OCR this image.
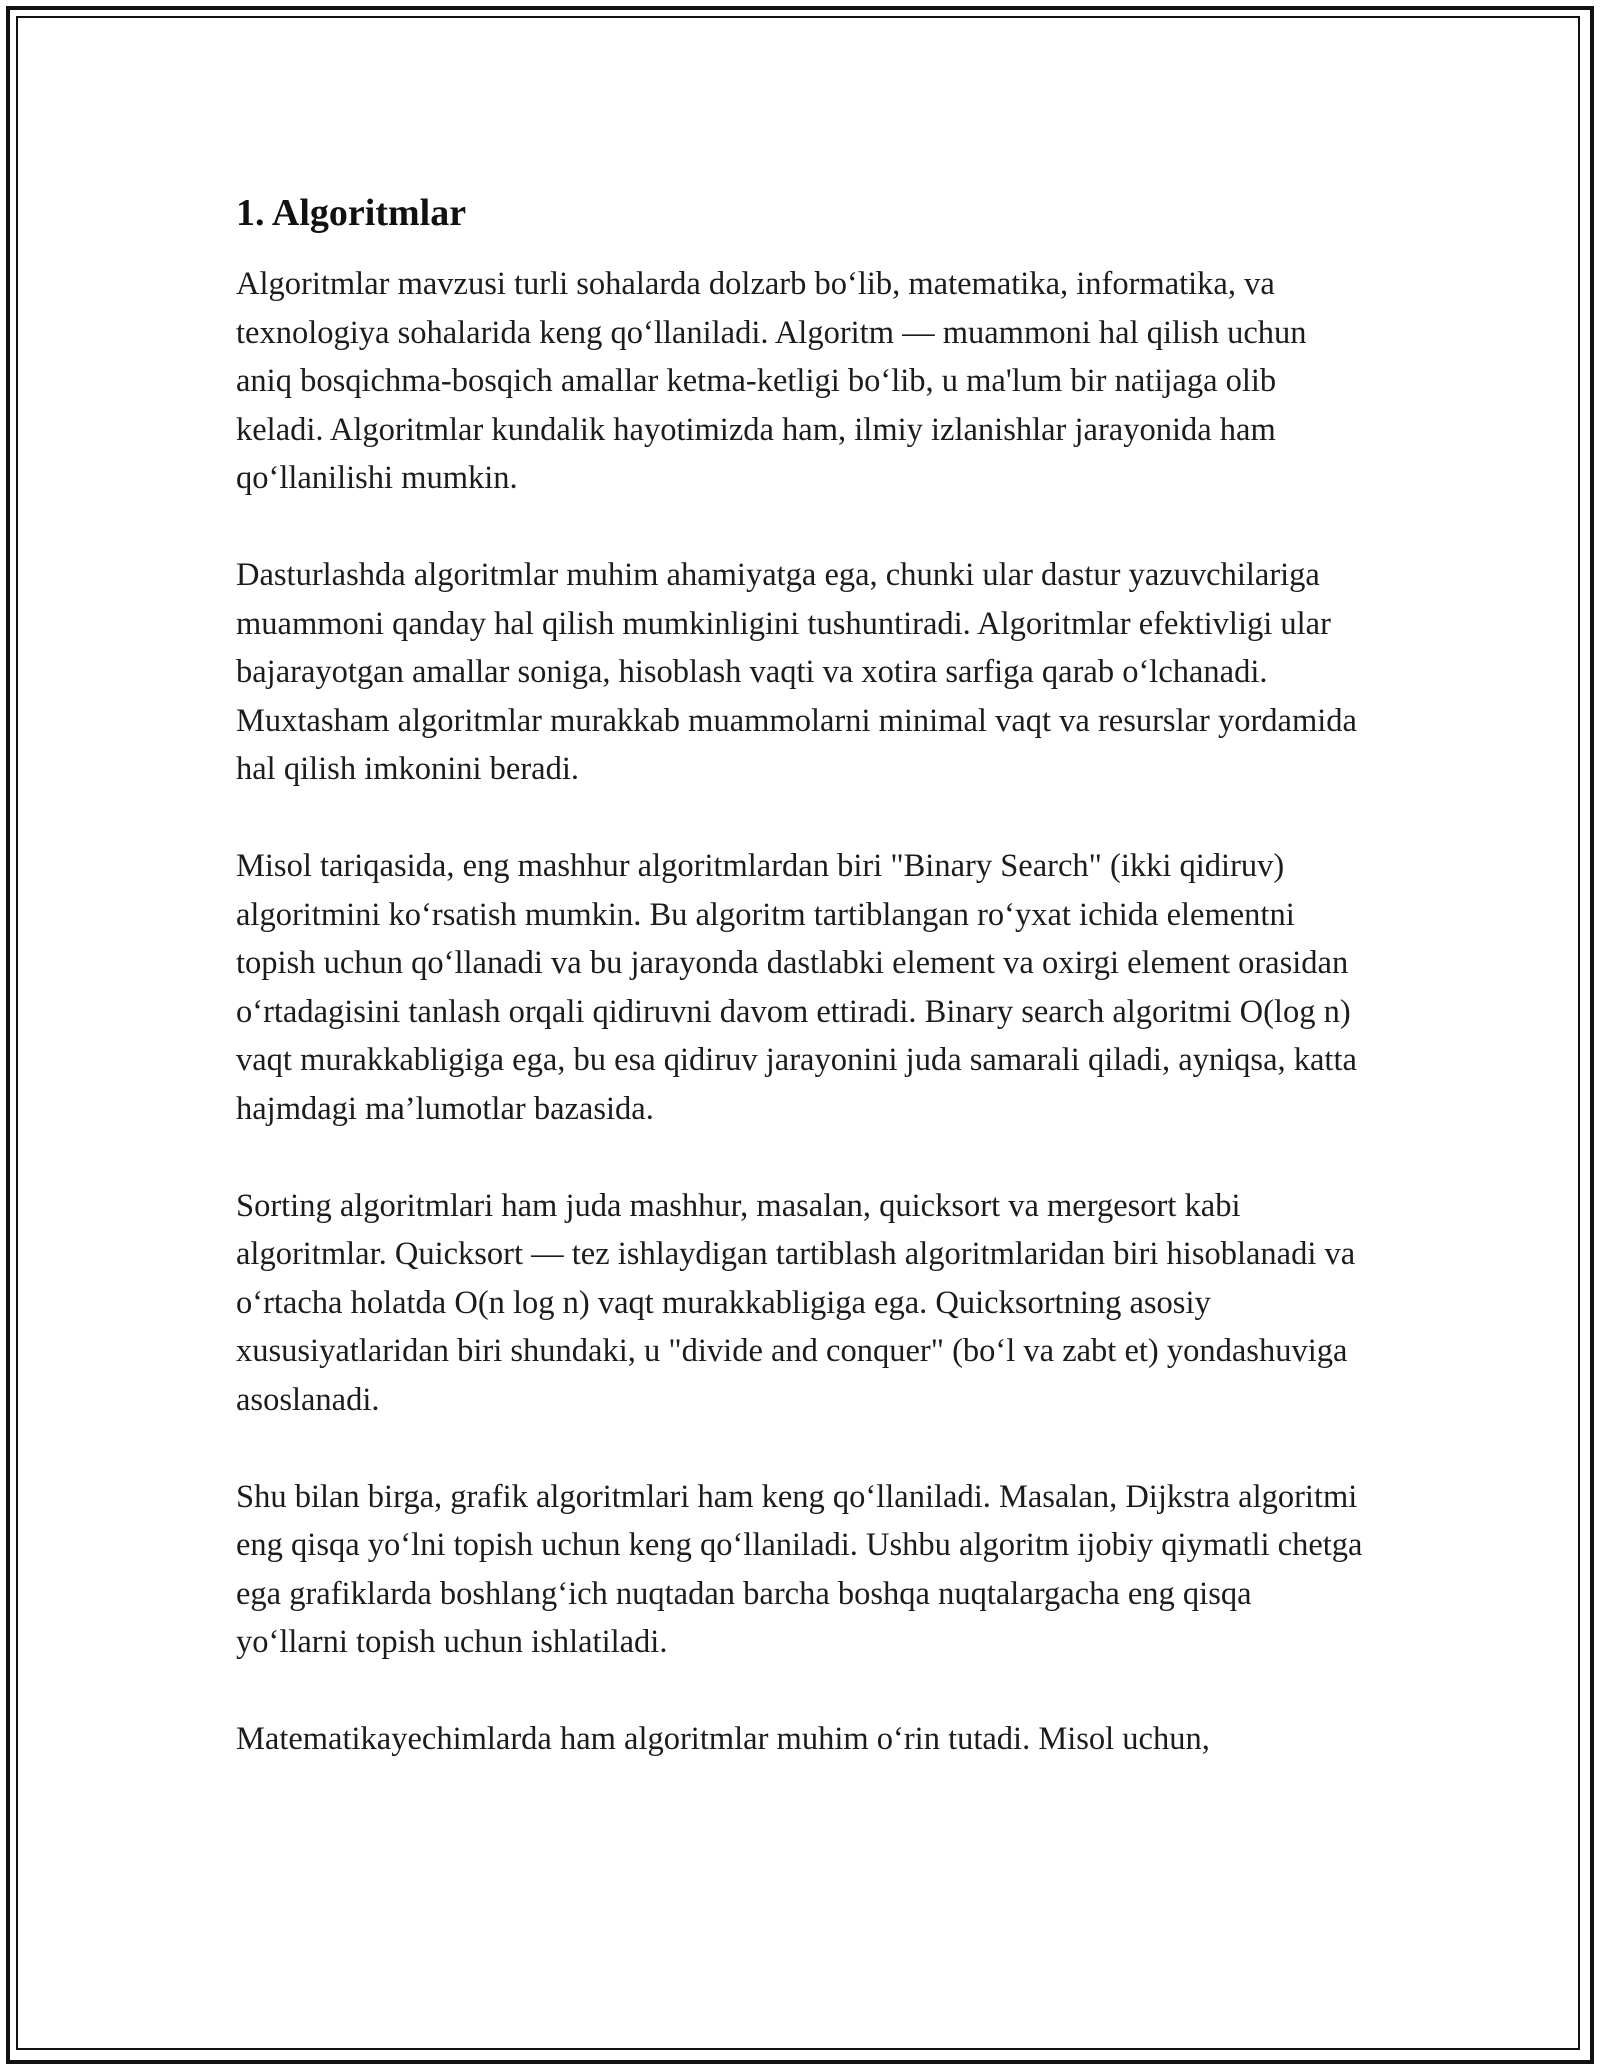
1. Algoritmlar

Algoritmlar mavzusi turli sohalarda dolzarb bo‘lib, matematika, informatika, va texnologiya sohalarida keng qo‘llaniladi. Algoritm — muammoni hal qilish uchun aniq bosqichma-bosqich amallar ketma-ketligi bo‘lib, u ma'lum bir natijaga olib keladi. Algoritmlar kundalik hayotimizda ham, ilmiy izlanishlar jarayonida ham qo‘llanilishi mumkin.

Dasturlashda algoritmlar muhim ahamiyatga ega, chunki ular dastur yazuvchilariga muammoni qanday hal qilish mumkinligini tushuntiradi. Algoritmlar efektivligi ular bajarayotgan amallar soniga, hisoblash vaqti va xotira sarfiga qarab o‘lchanadi. Muxtasham algoritmlar murakkab muammolarni minimal vaqt va resurslar yordamida hal qilish imkonini beradi.

Misol tariqasida, eng mashhur algoritmlardan biri "Binary Search" (ikki qidiruv) algoritmini ko‘rsatish mumkin. Bu algoritm tartiblangan ro‘yxat ichida elementni topish uchun qo‘llanadi va bu jarayonda dastlabki element va oxirgi element orasidan o‘rtadagisini tanlash orqali qidiruvni davom ettiradi. Binary search algoritmi O(log n) vaqt murakkabligiga ega, bu esa qidiruv jarayonini juda samarali qiladi, ayniqsa, katta hajmdagi ma’lumotlar bazasida.

Sorting algoritmlari ham juda mashhur, masalan, quicksort va mergesort kabi algoritmlar. Quicksort — tez ishlaydigan tartiblash algoritmlaridan biri hisoblanadi va o‘rtacha holatda O(n log n) vaqt murakkabligiga ega. Quicksortning asosiy xususiyatlaridan biri shundaki, u "divide and conquer" (bo‘l va zabt et) yondashuviga asoslanadi.

Shu bilan birga, grafik algoritmlari ham keng qo‘llaniladi. Masalan, Dijkstra algoritmi eng qisqa yo‘lni topish uchun keng qo‘llaniladi. Ushbu algoritm ijobiy qiymatli chetga ega grafiklarda boshlang‘ich nuqtadan barcha boshqa nuqtalargacha eng qisqa yo‘llarni topish uchun ishlatiladi.

Matematikayechimlarda ham algoritmlar muhim o‘rin tutadi. Misol uchun,
